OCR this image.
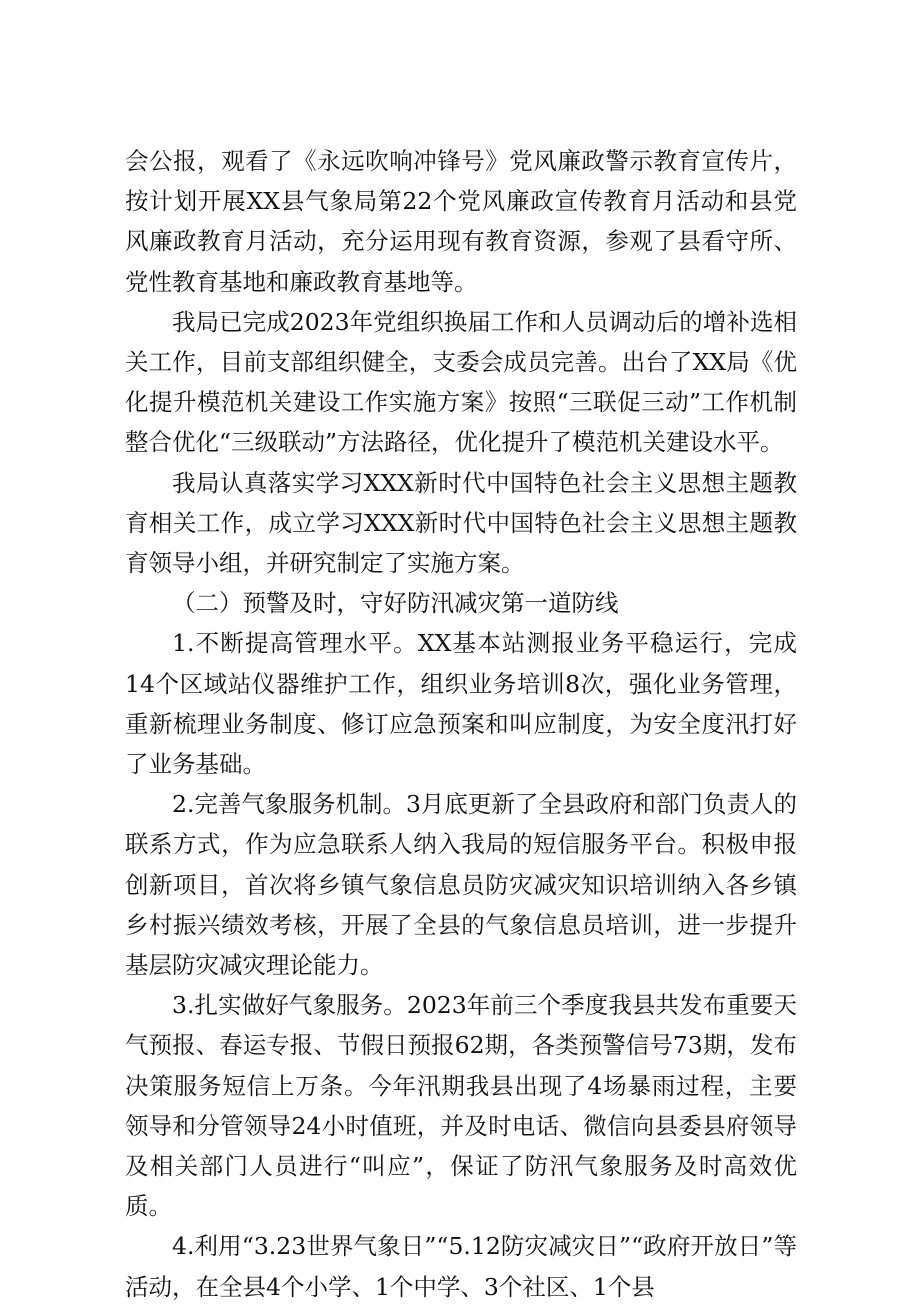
会公报，观看了《永远吹响冲锋号》党风廉政警示教育宣传片，按计划开展XX县气象局第22个党风廉政宣传教育月活动和县党风廉政教育月活动，充分运用现有教育资源，参观了县看守所、党性教育基地和廉政教育基地等。

我局已完成2023年党组织换届工作和人员调动后的增补选相关工作，目前支部组织健全，支委会成员完善。出台了XX局《优化提升模范机关建设工作实施方案》按照“三联促三动”工作机制整合优化“三级联动”方法路径，优化提升了模范机关建设水平。

我局认真落实学习XXX新时代中国特色社会主义思想主题教育相关工作，成立学习XXX新时代中国特色社会主义思想主题教育领导小组，并研究制定了实施方案。

（二）预警及时，守好防汛减灾第一道防线

1.不断提高管理水平。XX基本站测报业务平稳运行，完成14个区域站仪器维护工作，组织业务培训8次，强化业务管理，重新梳理业务制度、修订应急预案和叫应制度，为安全度汛打好了业务基础。

2.完善气象服务机制。3月底更新了全县政府和部门负责人的联系方式，作为应急联系人纳入我局的短信服务平台。积极申报创新项目，首次将乡镇气象信息员防灾减灾知识培训纳入各乡镇乡村振兴绩效考核，开展了全县的气象信息员培训，进一步提升基层防灾减灾理论能力。

3.扎实做好气象服务。2023年前三个季度我县共发布重要天气预报、春运专报、节假日预报62期，各类预警信号73期，发布决策服务短信上万条。今年汛期我县出现了4场暴雨过程，主要领导和分管领导24小时值班，并及时电话、微信向县委县府领导及相关部门人员进行“叫应”，保证了防汛气象服务及时高效优质。

4.利用“3.23世界气象日”“5.12防灾减灾日”“政府开放日”等活动，在全县4个小学、1个中学、3个社区、1个县
